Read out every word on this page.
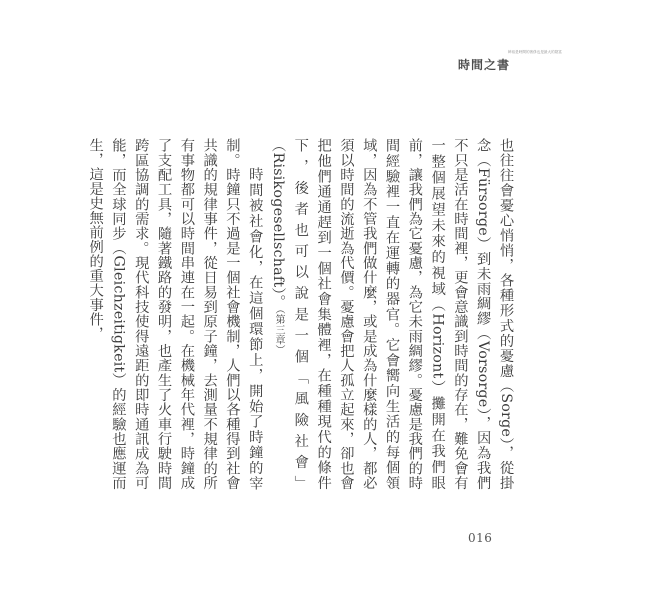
時間之書
餘裕是時間的奢侈也是最大的財富

也往往會憂心悄悄，各種形式的憂慮（Sorge），從掛念（Fürsorge）到未雨綢繆（Vorsorge），因為我們不只是活在時間裡，更會意識到時間的存在，難免會有一整個展望未來的視域（Horizont）攤開在我們眼前，讓我們為它憂慮，為它未雨綢繆。憂慮是我們的時間經驗裡一直在運轉的器官。它會嚮向生活的每個領域，因為不管我們做什麼，或是成為什麼樣的人，都必須以時間的流逝為代價。憂慮會把人孤立起來，卻也會把他們通通趕到一個社會集體裡，在種種現代的條件下，後者也可以說是一個「風險社會」（Risikogesellschaft）。（第三章）

時間被社會化，在這個環節上，開始了時鐘的宰制。時鐘只不過是一個社會機制，人們以各種得到社會共識的規律事件，從日易到原子鐘，去測量不規律的所有事物都可以時間串連在一起。在機械年代裡，時鐘成了支配工具，隨著鐵路的發明，也產生了火車行駛時間跨區協調的需求。現代科技使得遠距的即時通訊成為可能，而全球同步（Gleichzeitigkeit）的經驗也應運而生，這是史無前例的重大事件，

016
